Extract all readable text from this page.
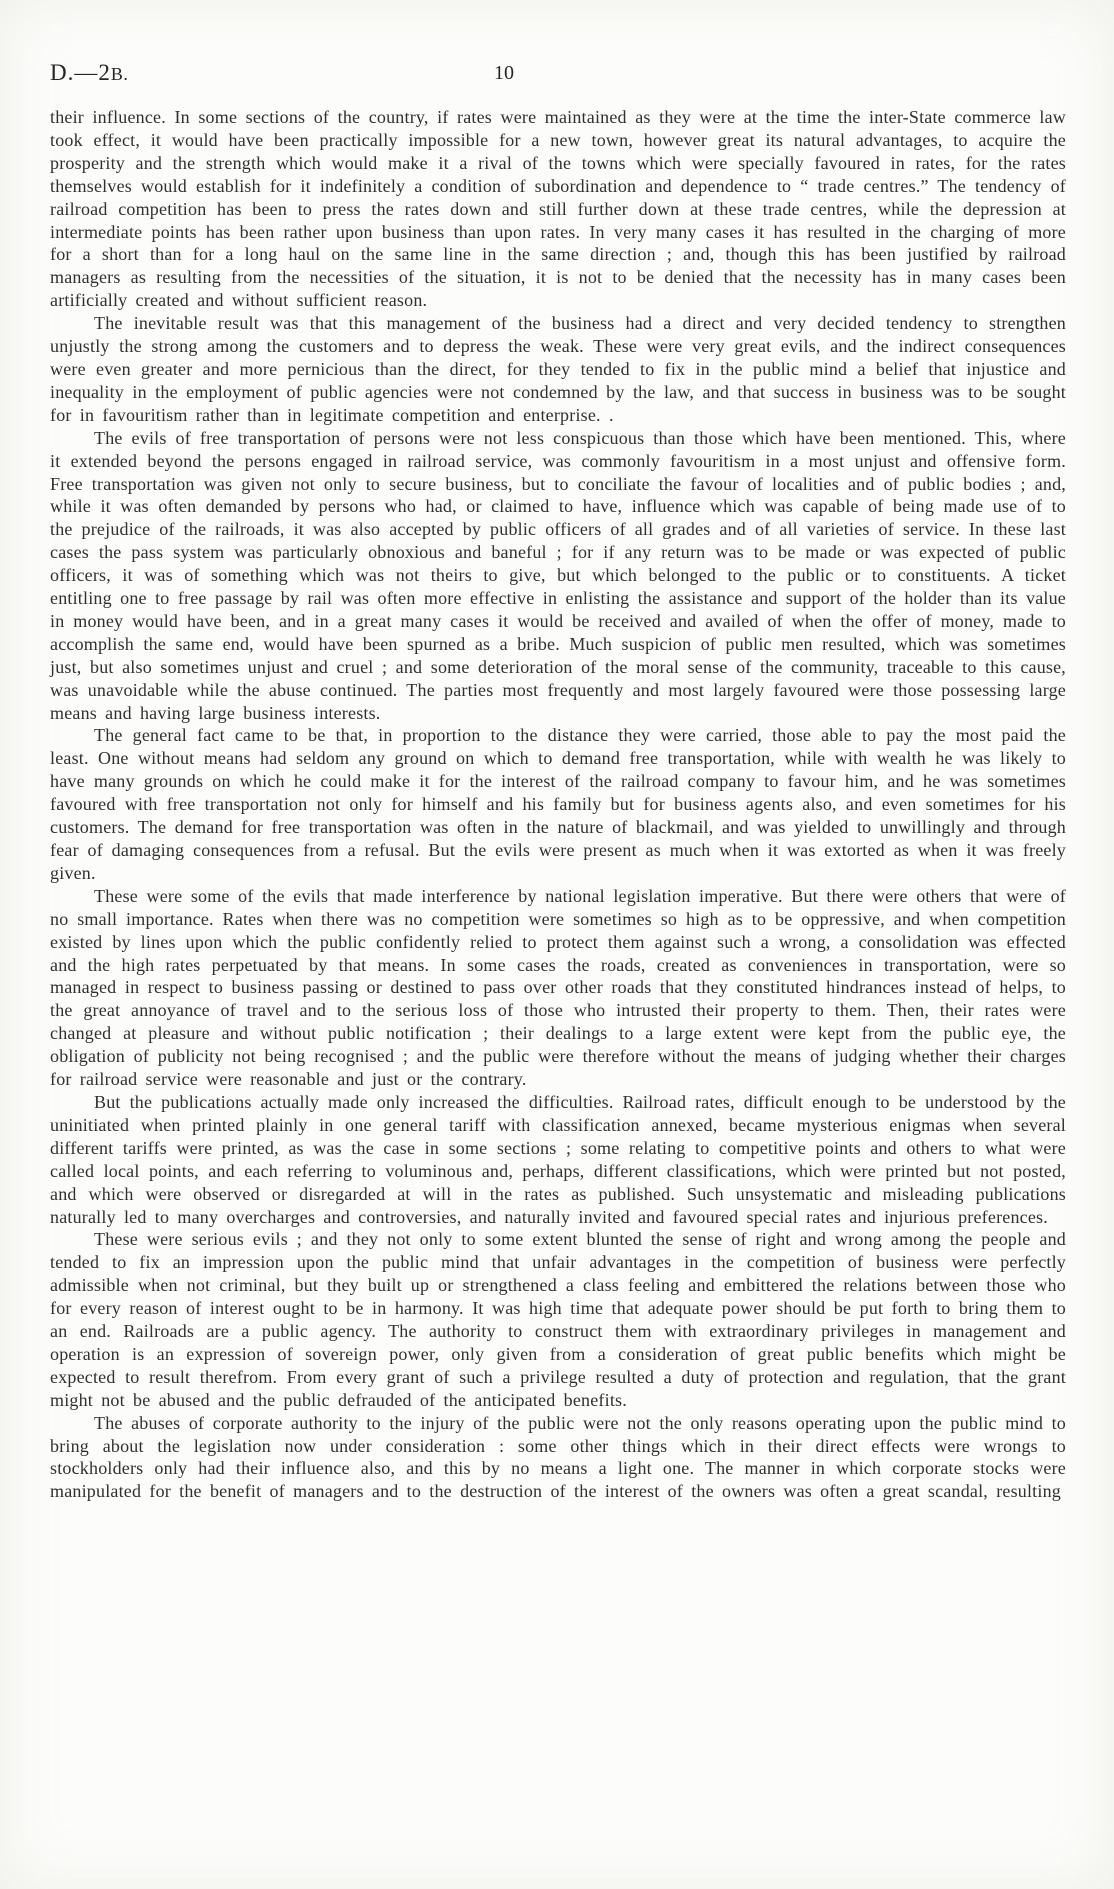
D.—2B.	10

their influence. In some sections of the country, if rates were maintained as they were at the time the inter-State commerce law took effect, it would have been practically impossible for a new town, however great its natural advantages, to acquire the prosperity and the strength which would make it a rival of the towns which were specially favoured in rates, for the rates themselves would establish for it indefinitely a condition of subordination and dependence to “ trade centres.” The tendency of railroad competition has been to press the rates down and still further down at these trade centres, while the depression at intermediate points has been rather upon business than upon rates. In very many cases it has resulted in the charging of more for a short than for a long haul on the same line in the same direction ; and, though this has been justified by railroad managers as resulting from the necessities of the situation, it is not to be denied that the necessity has in many cases been artificially created and without sufficient reason.

The inevitable result was that this management of the business had a direct and very decided tendency to strengthen unjustly the strong among the customers and to depress the weak. These were very great evils, and the indirect consequences were even greater and more pernicious than the direct, for they tended to fix in the public mind a belief that injustice and inequality in the employment of public agencies were not condemned by the law, and that success in business was to be sought for in favouritism rather than in legitimate competition and enterprise. .

The evils of free transportation of persons were not less conspicuous than those which have been mentioned. This, where it extended beyond the persons engaged in railroad service, was commonly favouritism in a most unjust and offensive form. Free transportation was given not only to secure business, but to conciliate the favour of localities and of public bodies ; and, while it was often demanded by persons who had, or claimed to have, influence which was capable of being made use of to the prejudice of the railroads, it was also accepted by public officers of all grades and of all varieties of service. In these last cases the pass system was particularly obnoxious and baneful ; for if any return was to be made or was expected of public officers, it was of something which was not theirs to give, but which belonged to the public or to constituents. A ticket entitling one to free passage by rail was often more effective in enlisting the assistance and support of the holder than its value in money would have been, and in a great many cases it would be received and availed of when the offer of money, made to accomplish the same end, would have been spurned as a bribe. Much suspicion of public men resulted, which was sometimes just, but also sometimes unjust and cruel ; and some deterioration of the moral sense of the community, traceable to this cause, was unavoidable while the abuse continued. The parties most frequently and most largely favoured were those possessing large means and having large business interests.

The general fact came to be that, in proportion to the distance they were carried, those able to pay the most paid the least. One without means had seldom any ground on which to demand free transportation, while with wealth he was likely to have many grounds on which he could make it for the interest of the railroad company to favour him, and he was sometimes favoured with free transportation not only for himself and his family but for business agents also, and even sometimes for his customers. The demand for free transportation was often in the nature of blackmail, and was yielded to unwillingly and through fear of damaging consequences from a refusal. But the evils were present as much when it was extorted as when it was freely given.

These were some of the evils that made interference by national legislation imperative. But there were others that were of no small importance. Rates when there was no competition were sometimes so high as to be oppressive, and when competition existed by lines upon which the public confidently relied to protect them against such a wrong, a consolidation was effected and the high rates perpetuated by that means. In some cases the roads, created as conveniences in transportation, were so managed in respect to business passing or destined to pass over other roads that they constituted hindrances instead of helps, to the great annoyance of travel and to the serious loss of those who intrusted their property to them. Then, their rates were changed at pleasure and without public notification ; their dealings to a large extent were kept from the public eye, the obligation of publicity not being recognised ; and the public were therefore without the means of judging whether their charges for railroad service were reasonable and just or the contrary.

But the publications actually made only increased the difficulties. Railroad rates, difficult enough to be understood by the uninitiated when printed plainly in one general tariff with classification annexed, became mysterious enigmas when several different tariffs were printed, as was the case in some sections ; some relating to competitive points and others to what were called local points, and each referring to voluminous and, perhaps, different classifications, which were printed but not posted, and which were observed or disregarded at will in the rates as published. Such unsystematic and misleading publications naturally led to many overcharges and controversies, and naturally invited and favoured special rates and injurious preferences.

These were serious evils ; and they not only to some extent blunted the sense of right and wrong among the people and tended to fix an impression upon the public mind that unfair advantages in the competition of business were perfectly admissible when not criminal, but they built up or strengthened a class feeling and embittered the relations between those who for every reason of interest ought to be in harmony. It was high time that adequate power should be put forth to bring them to an end. Railroads are a public agency. The authority to construct them with extraordinary privileges in management and operation is an expression of sovereign power, only given from a consideration of great public benefits which might be expected to result therefrom. From every grant of such a privilege resulted a duty of protection and regulation, that the grant might not be abused and the public defrauded of the anticipated benefits.

The abuses of corporate authority to the injury of the public were not the only reasons operating upon the public mind to bring about the legislation now under consideration : some other things which in their direct effects were wrongs to stockholders only had their influence also, and this by no means a light one. The manner in which corporate stocks were manipulated for the benefit of managers and to the destruction of the interest of the owners was often a great scandal, resulting
